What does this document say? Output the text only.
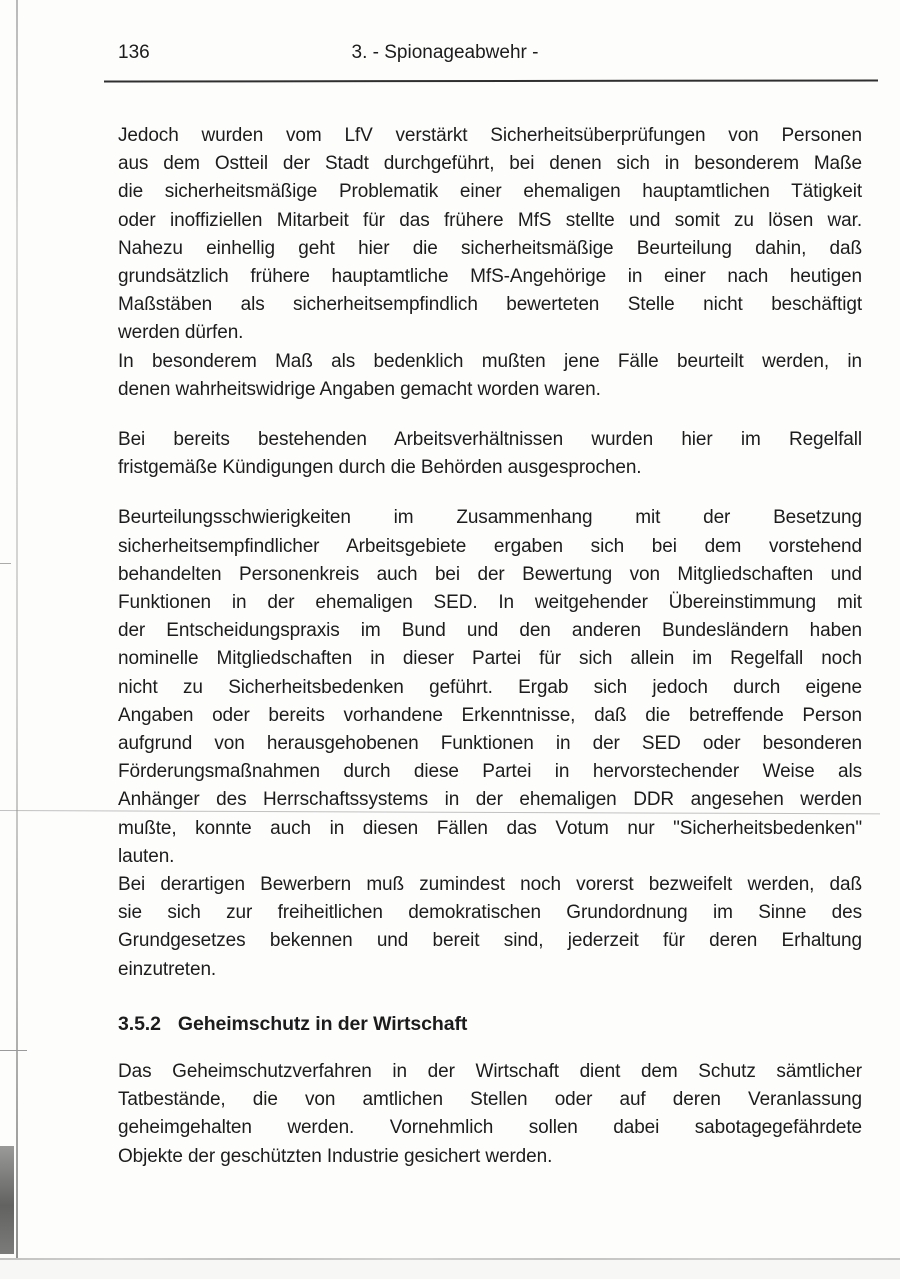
136	3. - Spionageabwehr -
Jedoch wurden vom LfV verstärkt Sicherheitsüberprüfungen von Personen
aus dem Ostteil der Stadt durchgeführt, bei denen sich in besonderem Maße
die sicherheitsmäßige Problematik einer ehemaligen hauptamtlichen Tätigkeit
oder inoffiziellen Mitarbeit für das frühere MfS stellte und somit zu lösen war.
Nahezu einhellig geht hier die sicherheitsmäßige Beurteilung dahin, daß
grundsätzlich frühere hauptamtliche MfS-Angehörige in einer nach heutigen
Maßstäben als sicherheitsempfindlich bewerteten Stelle nicht beschäftigt
werden dürfen.
In besonderem Maß als bedenklich mußten jene Fälle beurteilt werden, in
denen wahrheitswidrige Angaben gemacht worden waren.
Bei bereits bestehenden Arbeitsverhältnissen wurden hier im Regelfall
fristgemäße Kündigungen durch die Behörden ausgesprochen.
Beurteilungsschwierigkeiten im Zusammenhang mit der Besetzung
sicherheitsempfindlicher Arbeitsgebiete ergaben sich bei dem vorstehend
behandelten Personenkreis auch bei der Bewertung von Mitgliedschaften und
Funktionen in der ehemaligen SED. In weitgehender Übereinstimmung mit
der Entscheidungspraxis im Bund und den anderen Bundesländern haben
nominelle Mitgliedschaften in dieser Partei für sich allein im Regelfall noch
nicht zu Sicherheitsbedenken geführt. Ergab sich jedoch durch eigene
Angaben oder bereits vorhandene Erkenntnisse, daß die betreffende Person
aufgrund von herausgehobenen Funktionen in der SED oder besonderen
Förderungsmaßnahmen durch diese Partei in hervorstechender Weise als
Anhänger des Herrschaftssystems in der ehemaligen DDR angesehen werden
mußte, konnte auch in diesen Fällen das Votum nur "Sicherheitsbedenken"
lauten.
Bei derartigen Bewerbern muß zumindest noch vorerst bezweifelt werden, daß
sie sich zur freiheitlichen demokratischen Grundordnung im Sinne des
Grundgesetzes bekennen und bereit sind, jederzeit für deren Erhaltung
einzutreten.
3.5.2 Geheimschutz in der Wirtschaft
Das Geheimschutzverfahren in der Wirtschaft dient dem Schutz sämtlicher
Tatbestände, die von amtlichen Stellen oder auf deren Veranlassung
geheimgehalten werden. Vornehmlich sollen dabei sabotagegefährdete
Objekte der geschützten Industrie gesichert werden.
